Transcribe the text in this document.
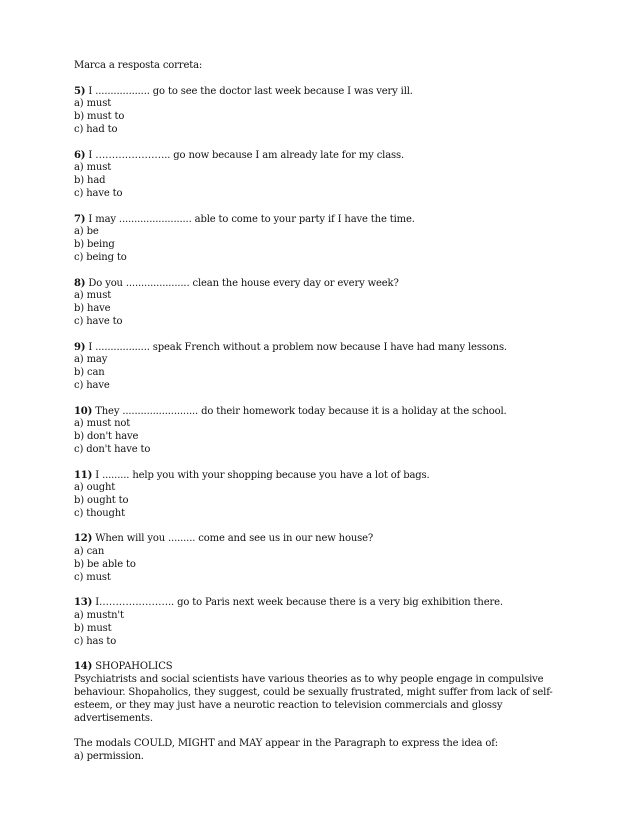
Marca a resposta correta:
5) I .................. go to see the doctor last week because I was very ill.
a) must
b) must to
c) had to
6) I ………………….. go now because I am already late for my class.
a) must
b) had
c) have to
7) I may ........................ able to come to your party if I have the time.
a) be
b) being
c) being to
8) Do you ..................... clean the house every day or every week?
a) must
b) have
c) have to
9) I .................. speak French without a problem now because I have had many lessons.
a) may
b) can
c) have
10) They ......................... do their homework today because it is a holiday at the school.
a) must not
b) don't have
c) don't have to
11) I ......... help you with your shopping because you have a lot of bags.
a) ought
b) ought to
c) thought
12) When will you ......... come and see us in our new house?
a) can
b) be able to
c) must
13) I………………….. go to Paris next week because there is a very big exhibition there.
a) mustn't
b) must
c) has to
14) SHOPAHOLICS
Psychiatrists and social scientists have various theories as to why people engage in compulsive behaviour. Shopaholics, they suggest, could be sexually frustrated, might suffer from lack of self-esteem, or they may just have a neurotic reaction to television commercials and glossy advertisements.
The modals COULD, MIGHT and MAY appear in the Paragraph to express the idea of:
a) permission.
